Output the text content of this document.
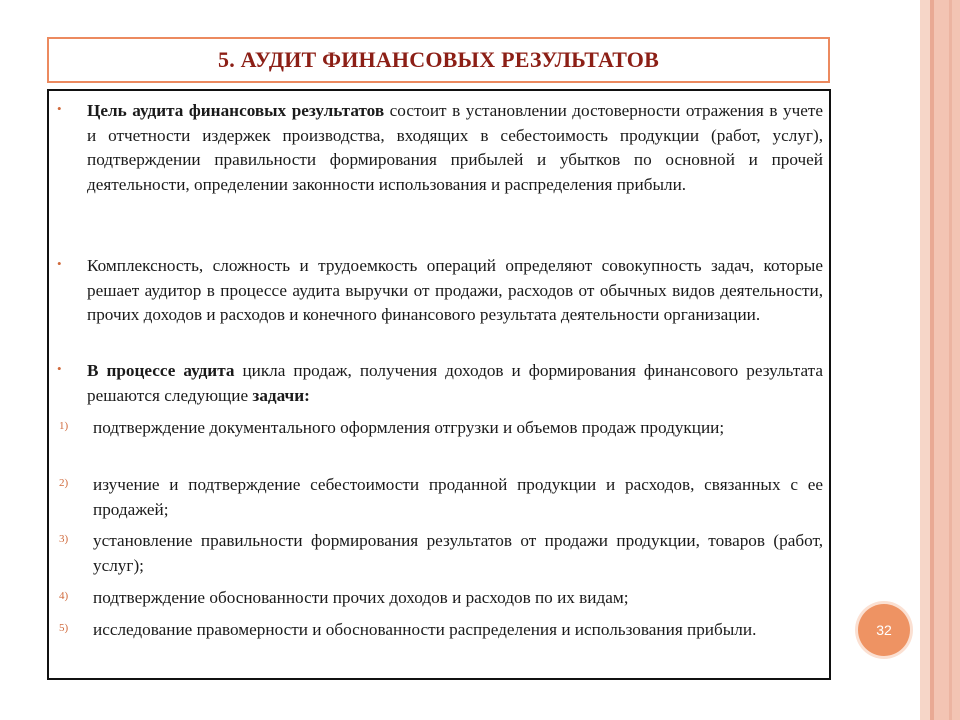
5. АУДИТ ФИНАНСОВЫХ РЕЗУЛЬТАТОВ
• Цель аудита финансовых результатов состоит в установлении достоверности отражения в учете и отчетности издержек производства, входящих в себестоимость продукции (работ, услуг), подтверждении правильности формирования прибылей и убытков по основной и прочей деятельности, определении законности использования и распределения прибыли.
• Комплексность, сложность и трудоемкость операций определяют совокупность задач, которые решает аудитор в процессе аудита выручки от продажи, расходов от обычных видов деятельности, прочих доходов и расходов и конечного финансового результата деятельности организации.
• В процессе аудита цикла продаж, получения доходов и формирования финансового результата решаются следующие задачи:
1) подтверждение документального оформления отгрузки и объемов продаж продукции;
2) изучение и подтверждение себестоимости проданной продукции и расходов, связанных с ее продажей;
3) установление правильности формирования результатов от продажи продукции, товаров (работ, услуг);
4) подтверждение обоснованности прочих доходов и расходов по их видам;
5) исследование правомерности и обоснованности распределения и использования прибыли.	32
